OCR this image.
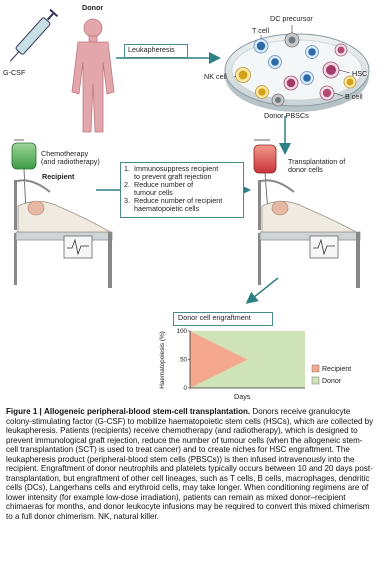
100
50
0
Recipient
Donor
Donor
G-CSF
Leukapheresis
DC precursor
T cell
NK cell	HSC
B cell
Donor PBSCs
Chemotherapy
(and radiotherapy)
Recipient
Transplantation of
donor cells
1. Immunosuppress recipient
to prevent graft rejection
2. Reduce number of
tumour cells
3. Reduce number of recipient
haematopoietic cells
Donor cell engraftment
Days
Haematopoiesis (%)
Figure 1 | Allogeneic peripheral-blood stem-cell transplantation. Donors receive granulocyte colony-stimulating factor (G-CSF) to mobilize haematopoietic stem cells (HSCs), which are collected by leukapheresis. Patients (recipients) receive chemotherapy (and radiotherapy), which is designed to prevent immunological graft rejection, reduce the number of tumour cells (when the allogeneic stem-cell transplantation (SCT) is used to treat cancer) and to create niches for HSC engraftment. The leukapheresis product (peripheral-blood stem cells (PBSCs)) is then infused intravenously into the recipient. Engraftment of donor neutrophils and platelets typically occurs between 10 and 20 days post-transplantation, but engraftment of other cell lineages, such as T cells, B cells, macrophages, dendritic cells (DCs), Langerhans cells and erythroid cells, may take longer. When conditioning regimens are of lower intensity (for example low-dose irradiation), patients can remain as mixed donor–recipient chimaeras for months, and donor leukocyte infusions may be required to convert this mixed chimerism to a full donor chimerism. NK, natural killer.
